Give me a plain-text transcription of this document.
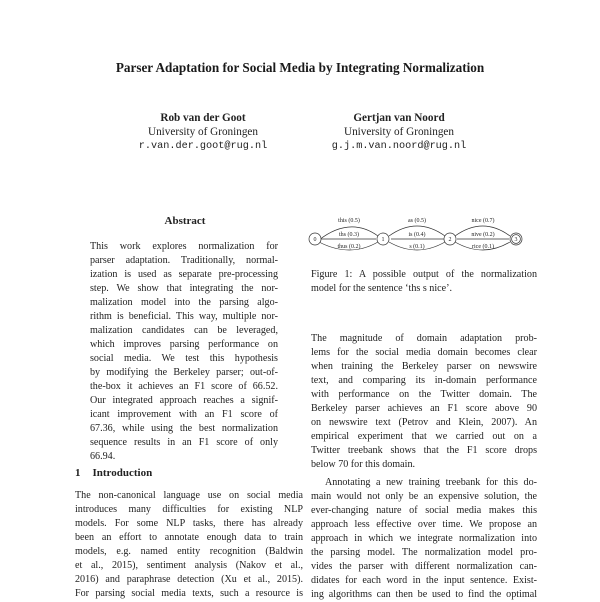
Parser Adaptation for Social Media by Integrating Normalization
Rob van der Goot
University of Groningen
r.van.der.goot@rug.nl
Gertjan van Noord
University of Groningen
g.j.m.van.noord@rug.nl
Abstract
This work explores normalization for
parser adaptation. Traditionally, normal-
ization is used as separate pre-processing
step. We show that integrating the nor-
malization model into the parsing algo-
rithm is beneficial. This way, multiple nor-
malization candidates can be leveraged,
which improves parsing performance on
social media. We test this hypothesis
by modifying the Berkeley parser; out-of-
the-box it achieves an F1 score of 66.52.
Our integrated approach reaches a signif-
icant improvement with an F1 score of
67.36, while using the best normalization
sequence results in an F1 score of only
66.94.
1 Introduction
The non-canonical language use on social media
introduces many difficulties for existing NLP
models. For some NLP tasks, there has already
been an effort to annotate enough data to train
models, e.g. named entity recognition (Baldwin
et al., 2015), sentiment analysis (Nakov et al.,
2016) and paraphrase detection (Xu et al., 2015).
For parsing social media texts, such a resource is
0	1	2	3
this (0.5)
ths (0.3)
thus (0.2)
as (0.5)
is (0.4)
s (0.1)
nice (0.7)
nive (0.2)
rice (0.1)
Figure 1: A possible output of the normalization
model for the sentence ‘ths s nice’.
The magnitude of domain adaptation prob-
lems for the social media domain becomes clear
when training the Berkeley parser on newswire
text, and comparing its in-domain performance
with performance on the Twitter domain. The
Berkeley parser achieves an F1 score above 90
on newswire text (Petrov and Klein, 2007). An
empirical experiment that we carried out on a
Twitter treebank shows that the F1 score drops
below 70 for this domain.
Annotating a new training treebank for this do-
main would not only be an expensive solution, the
ever-changing nature of social media makes this
approach less effective over time. We propose an
approach in which we integrate normalization into
the parsing model. The normalization model pro-
vides the parser with different normalization can-
didates for each word in the input sentence. Exist-
ing algorithms can then be used to find the optimal
